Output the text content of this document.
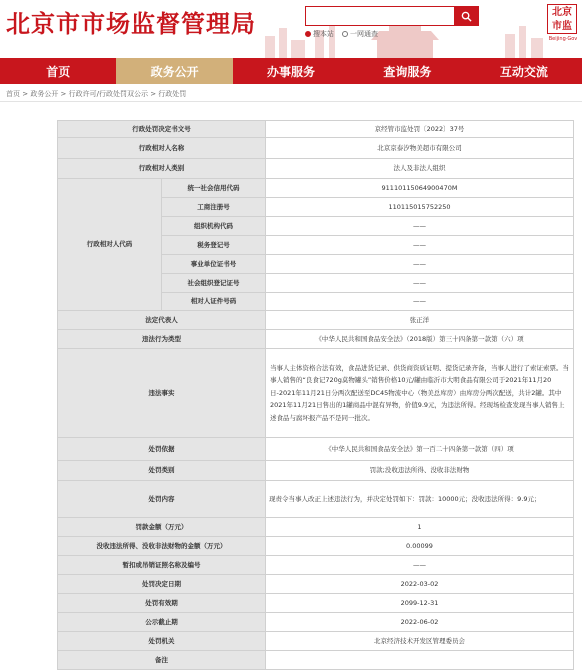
北京市市场监督管理局	搜本站 一网通查
北 京
市 监
Beijing·Gov
首页	政务公开	办事服务	查询服务	互动交流
首页 > 政务公开 > 行政许可/行政处罚双公示 > 行政处罚
行政处罚决定书文号		京经管市监处罚〔2022〕37号
行政相对人名称		北京京泰汐物美超市有限公司
行政相对人类别		法人及非法人组织
行政相对人代码	统一社会信用代码	91110115064900470M
	工商注册号	110115015752250
	组织机构代码	——
	税务登记号	——
	事业单位证书号	——
	社会组织登记证号	——
	相对人证件号码	——
法定代表人		张正洋
违法行为类型		《中华人民共和国食品安全法》（2018版）第三十四条第一款第（六）项
违法事实		当事人主体资格合法有效，食品进货记录、供货商资质证明、提货记录齐备，当事人进行了索证索票。当事人销售的“良食记720g莫物罐头”销售价格10元/罐由临沂市大明食品有限公司于2021年11月20日-2021年11月21日分两次配送至DC45物流中心（物美总库房）由库房分两次配送，共计2罐。其中2021年11月21日售出的1罐商品中混有异物，价值9.9元，为违法所得。经现场检查发现当事人销售上述食品与腐坏报产品不是同一批次。
处罚依据		《中华人民共和国食品安全法》第一百二十四条第一款第（四）项
处罚类别		罚款;没收违法所得、没收非法财物
处罚内容		现责令当事人改正上述违法行为，并决定处罚如下：罚款：10000元；没收违法所得：9.9元；
罚款金额（万元）		1
没收违法所得、没收非法财物的金额（万元）		0.00099
暂扣或吊销证照名称及编号		——
处罚决定日期		2022-03-02
处罚有效期		2099-12-31
公示截止期		2022-06-02
处罚机关		北京经济技术开发区管理委员会
备注		
